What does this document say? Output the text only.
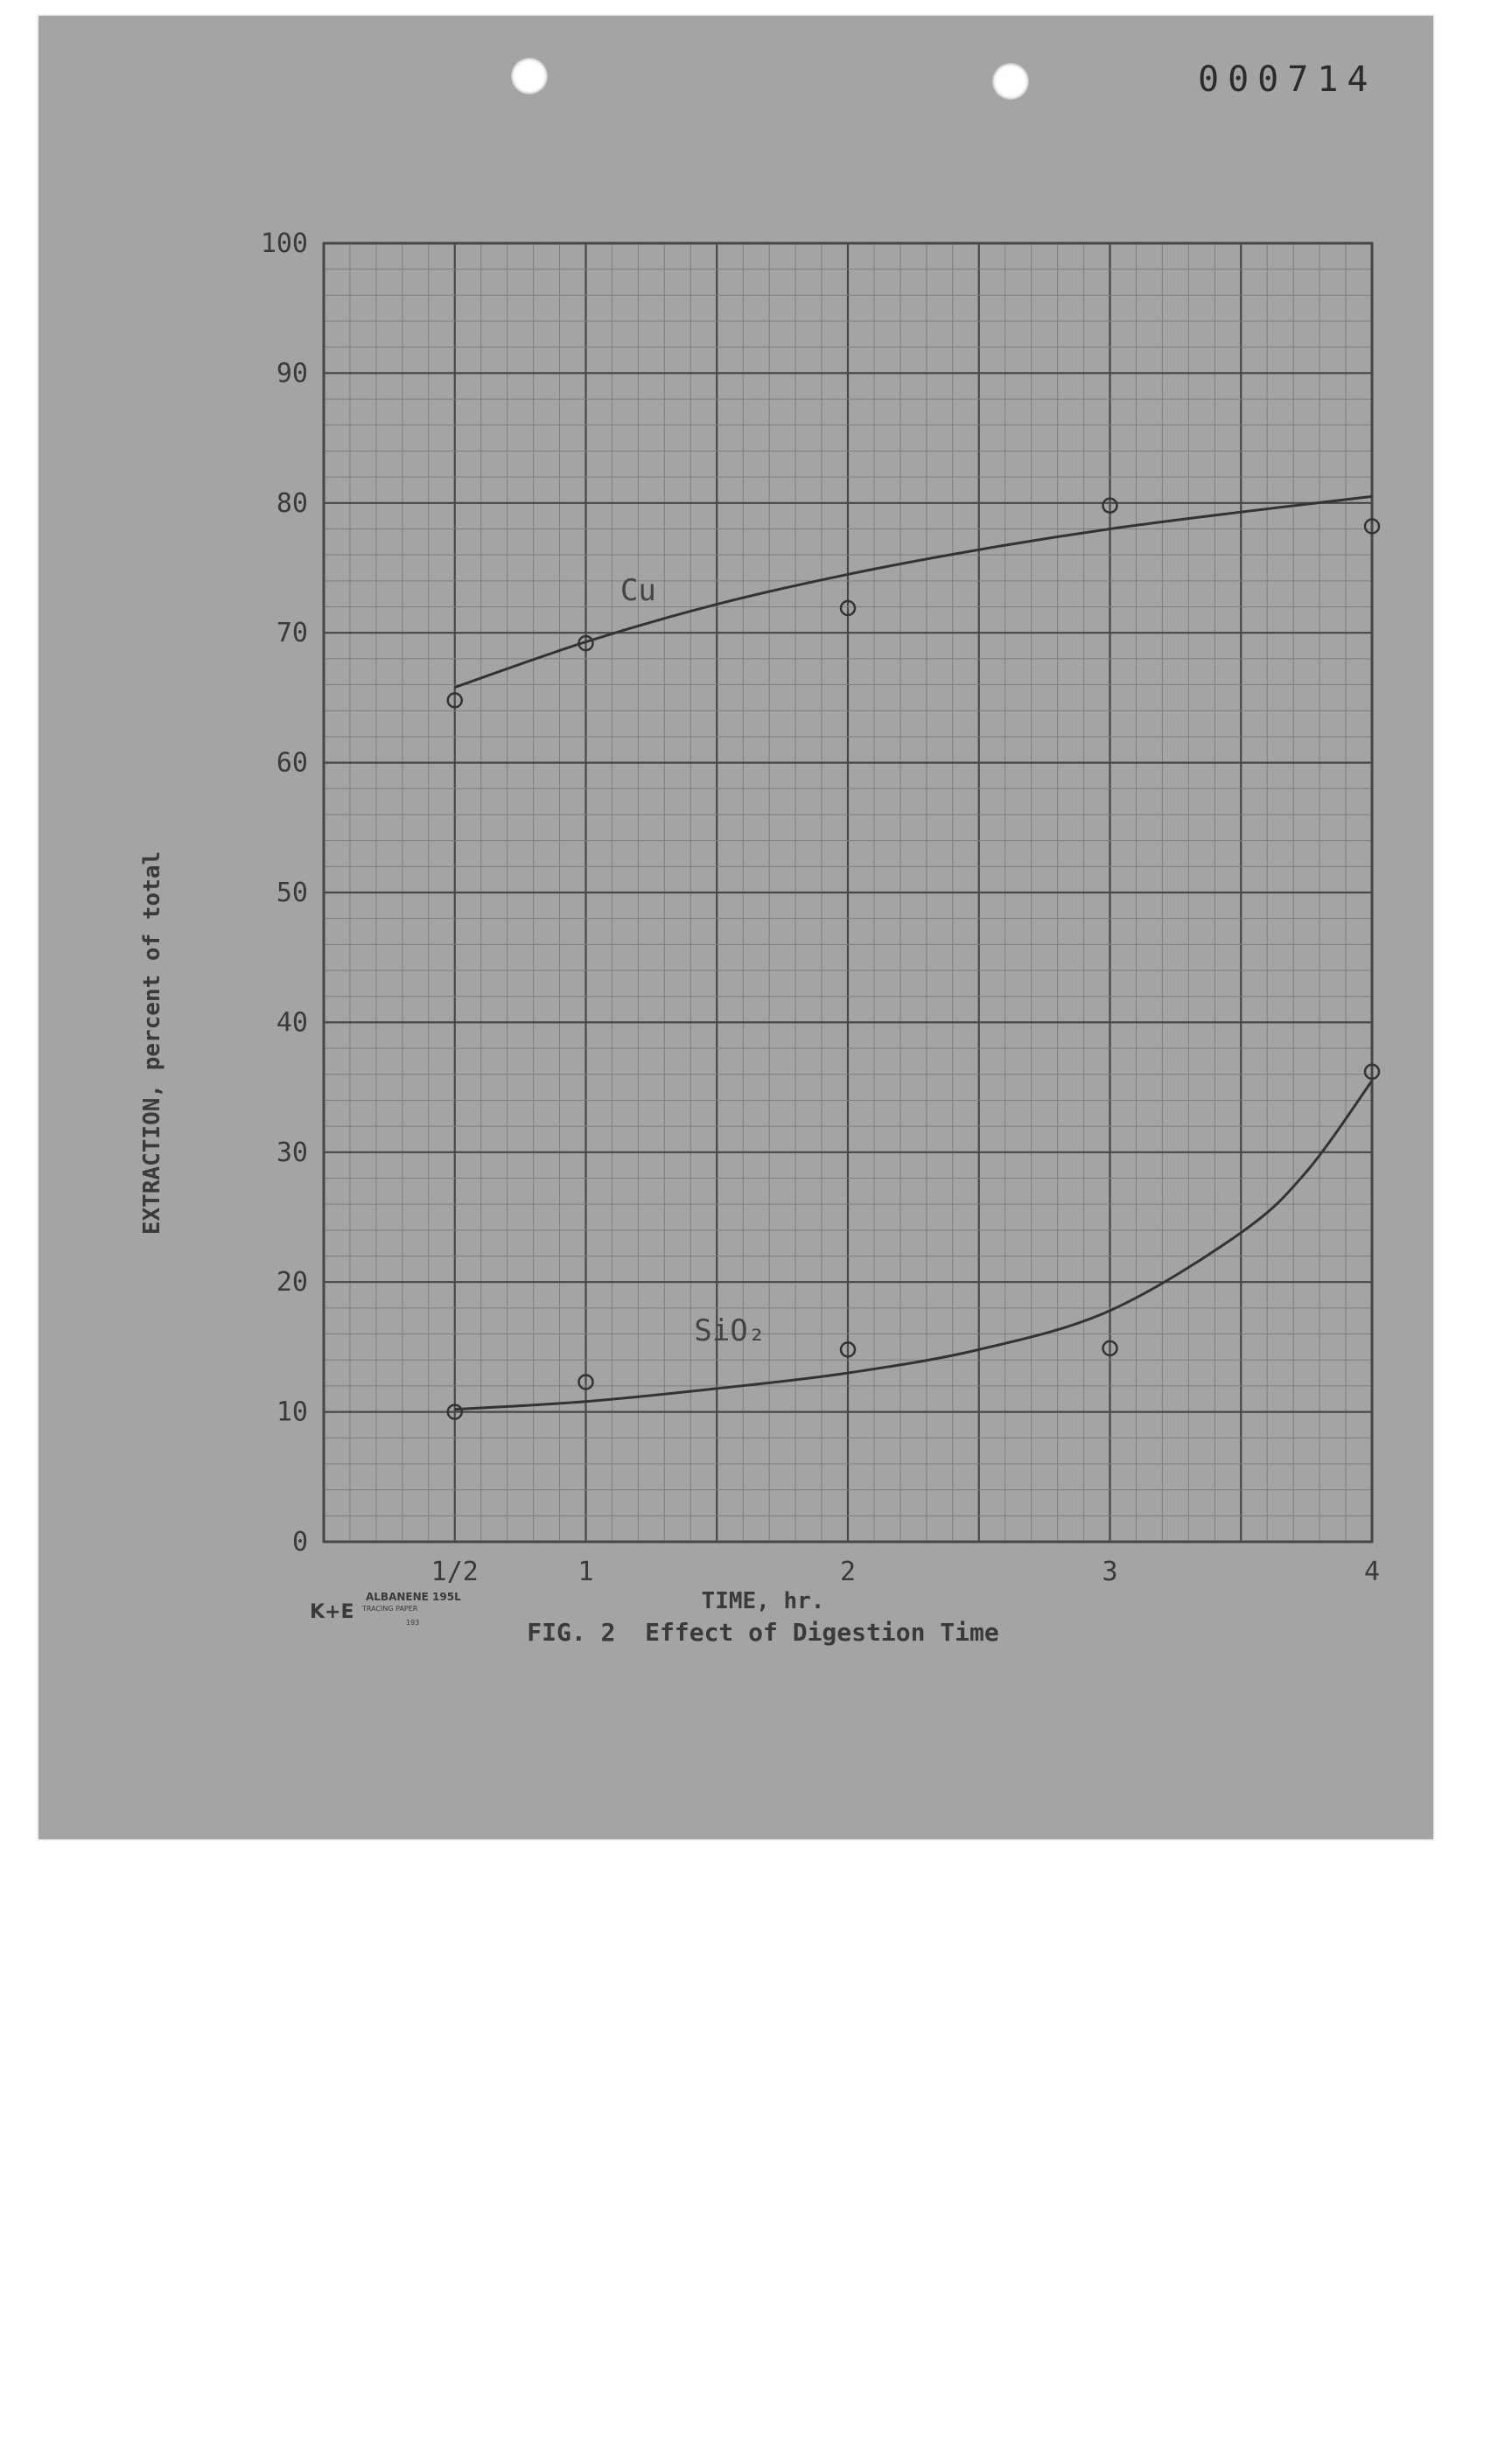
000714
K+E
ALBANENE 195L
TRACING PAPER
193
0
10
20
30
40
50
60
70
80
90
100
1/2	1	2	3	4
Cu
SiO₂
EXTRACTION, percent of total
TIME, hr.
FIG. 2  Effect of Digestion Time
